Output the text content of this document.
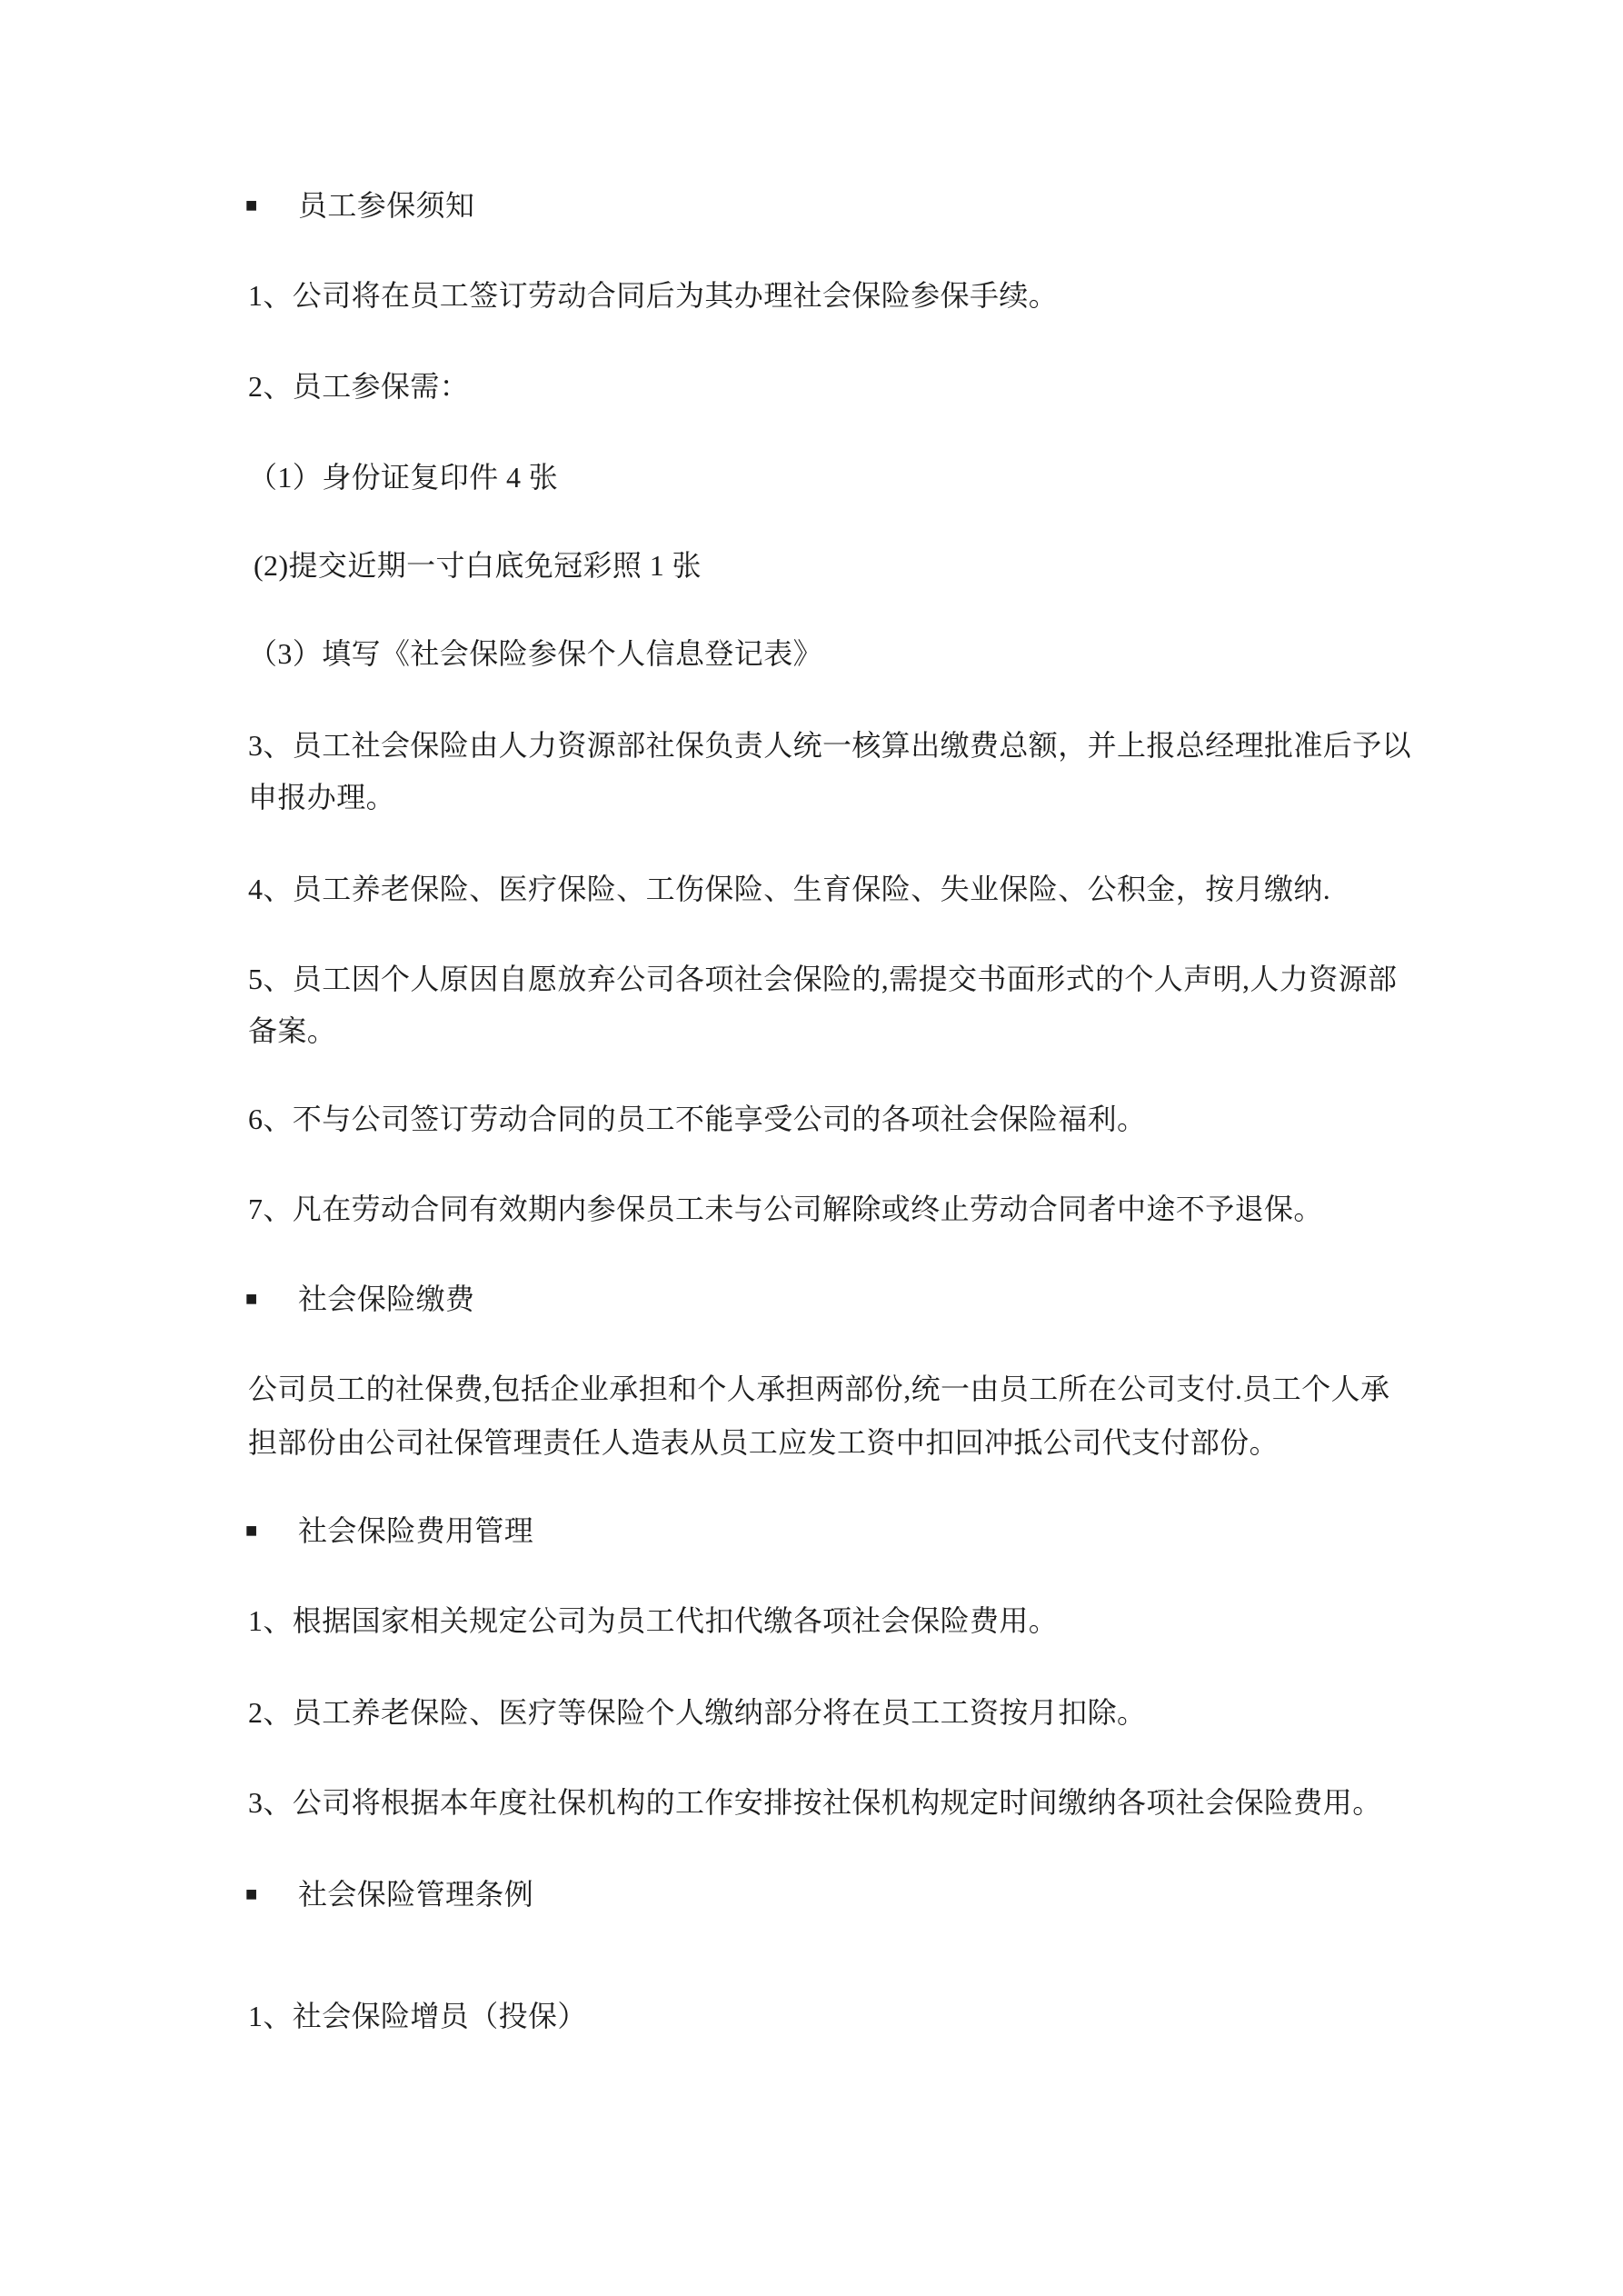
■ 员工参保须知
1、公司将在员工签订劳动合同后为其办理社会保险参保手续。
2、员工参保需：
（1）身份证复印件 4 张
(2)提交近期一寸白底免冠彩照 1 张
（3）填写《社会保险参保个人信息登记表》
3、员工社会保险由人力资源部社保负责人统一核算出缴费总额，并上报总经理批准后予以
申报办理。
4、员工养老保险、医疗保险、工伤保险、生育保险、失业保险、公积金，按月缴纳.
5、员工因个人原因自愿放弃公司各项社会保险的,需提交书面形式的个人声明,人力资源部
备案。
6、不与公司签订劳动合同的员工不能享受公司的各项社会保险福利。
7、凡在劳动合同有效期内参保员工未与公司解除或终止劳动合同者中途不予退保。
■ 社会保险缴费
公司员工的社保费,包括企业承担和个人承担两部份,统一由员工所在公司支付.员工个人承
担部份由公司社保管理责任人造表从员工应发工资中扣回冲抵公司代支付部份。
■ 社会保险费用管理
1、根据国家相关规定公司为员工代扣代缴各项社会保险费用。
2、员工养老保险、医疗等保险个人缴纳部分将在员工工资按月扣除。
3、公司将根据本年度社保机构的工作安排按社保机构规定时间缴纳各项社会保险费用。
■ 社会保险管理条例
1、社会保险增员（投保）
